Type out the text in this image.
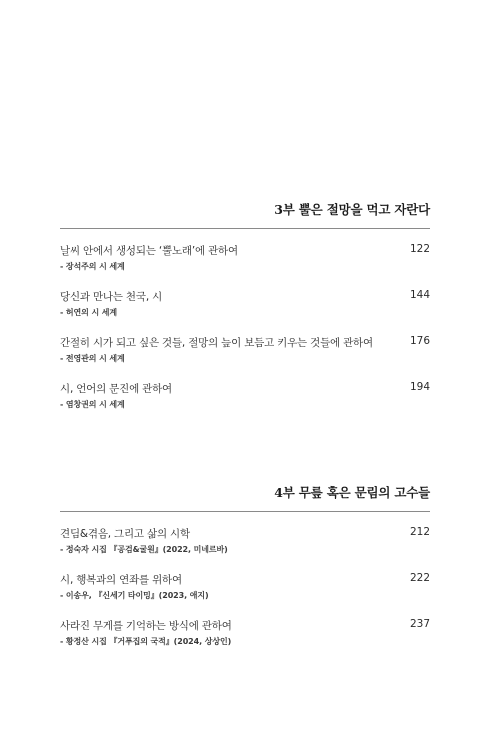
3부 뿔은 절망을 먹고 자란다
날씨 안에서 생성되는 ‘뿔노래’에 관하여	122
- 장석주의 시 세계
당신과 만나는 천국, 시	144
- 허연의 시 세계
간절히 시가 되고 싶은 것들, 절망의 늪이 보듬고 키우는 것들에 관하여	176
- 전영관의 시 세계
시, 언어의 문진에 관하여	194
- 염창권의 시 세계
4부 무릎 혹은 문림의 고수들
견딤&겪음, 그리고 삶의 시학	212
- 정숙자 시집 『공검&굴원』(2022, 미네르바)
시, 행복과의 연좌를 위하여	222
- 이송우, 『신세기 타이밍』(2023, 애지)
사라진 무게를 기억하는 방식에 관하여	237
- 황정산 시집 『거푸집의 국적』(2024, 상상인)
